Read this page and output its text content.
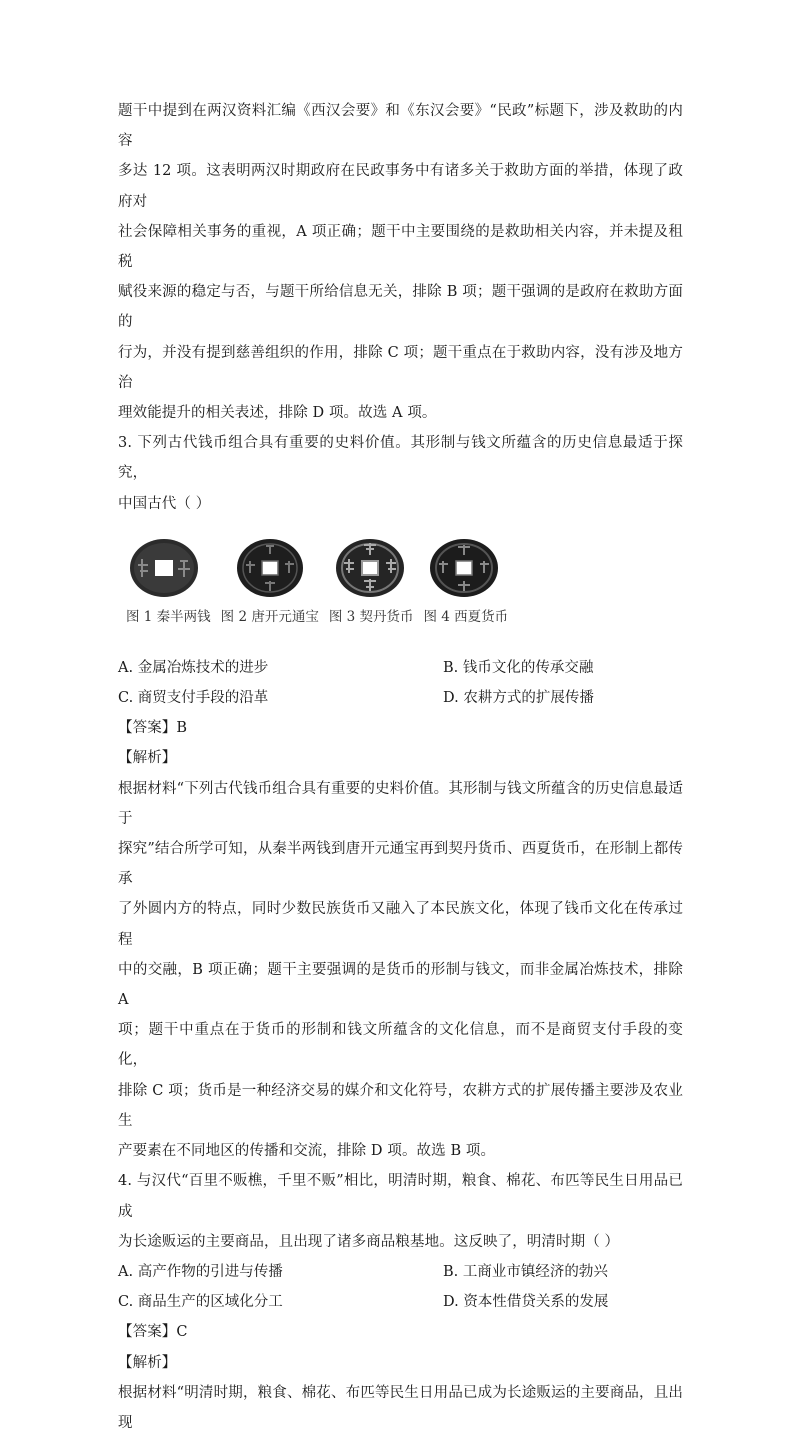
题干中提到在两汉资料汇编《西汉会要》和《东汉会要》“民政”标题下，涉及救助的内容

多达 12 项。这表明两汉时期政府在民政事务中有诸多关于救助方面的举措，体现了政府对

社会保障相关事务的重视，A 项正确；题干中主要围绕的是救助相关内容，并未提及租税

赋役来源的稳定与否，与题干所给信息无关，排除 B 项；题干强调的是政府在救助方面的

行为，并没有提到慈善组织的作用，排除 C 项；题干重点在于救助内容，没有涉及地方治

理效能提升的相关表述，排除 D 项。故选 A 项。

3. 下列古代钱币组合具有重要的史料价值。其形制与钱文所蕴含的历史信息最适于探究，

中国古代（ ）

图 1 秦半两钱 图 2 唐开元通宝 图 3 契丹货币 图 4 西夏货币
A. 金属冶炼技术的进步	B. 钱币文化的传承交融
C. 商贸支付手段的沿革	D. 农耕方式的扩展传播

【答案】B

【解析】

根据材料“下列古代钱币组合具有重要的史料价值。其形制与钱文所蕴含的历史信息最适于

探究”结合所学可知，从秦半两钱到唐开元通宝再到契丹货币、西夏货币，在形制上都传承

了外圆内方的特点，同时少数民族货币又融入了本民族文化，体现了钱币文化在传承过程

中的交融，B 项正确；题干主要强调的是货币的形制与钱文，而非金属冶炼技术，排除 A

项；题干中重点在于货币的形制和钱文所蕴含的文化信息，而不是商贸支付手段的变化，

排除 C 项；货币是一种经济交易的媒介和文化符号，农耕方式的扩展传播主要涉及农业生

产要素在不同地区的传播和交流，排除 D 项。故选 B 项。

4. 与汉代“百里不贩樵，千里不贩”相比，明清时期，粮食、棉花、布匹等民生日用品已成

为长途贩运的主要商品，且出现了诸多商品粮基地。这反映了，明清时期（ ）

A. 高产作物的引进与传播	B. 工商业市镇经济的勃兴
C. 商品生产的区域化分工	D. 资本性借贷关系的发展

【答案】C

【解析】

根据材料“明清时期，粮食、棉花、布匹等民生日用品已成为长途贩运的主要商品，且出现
